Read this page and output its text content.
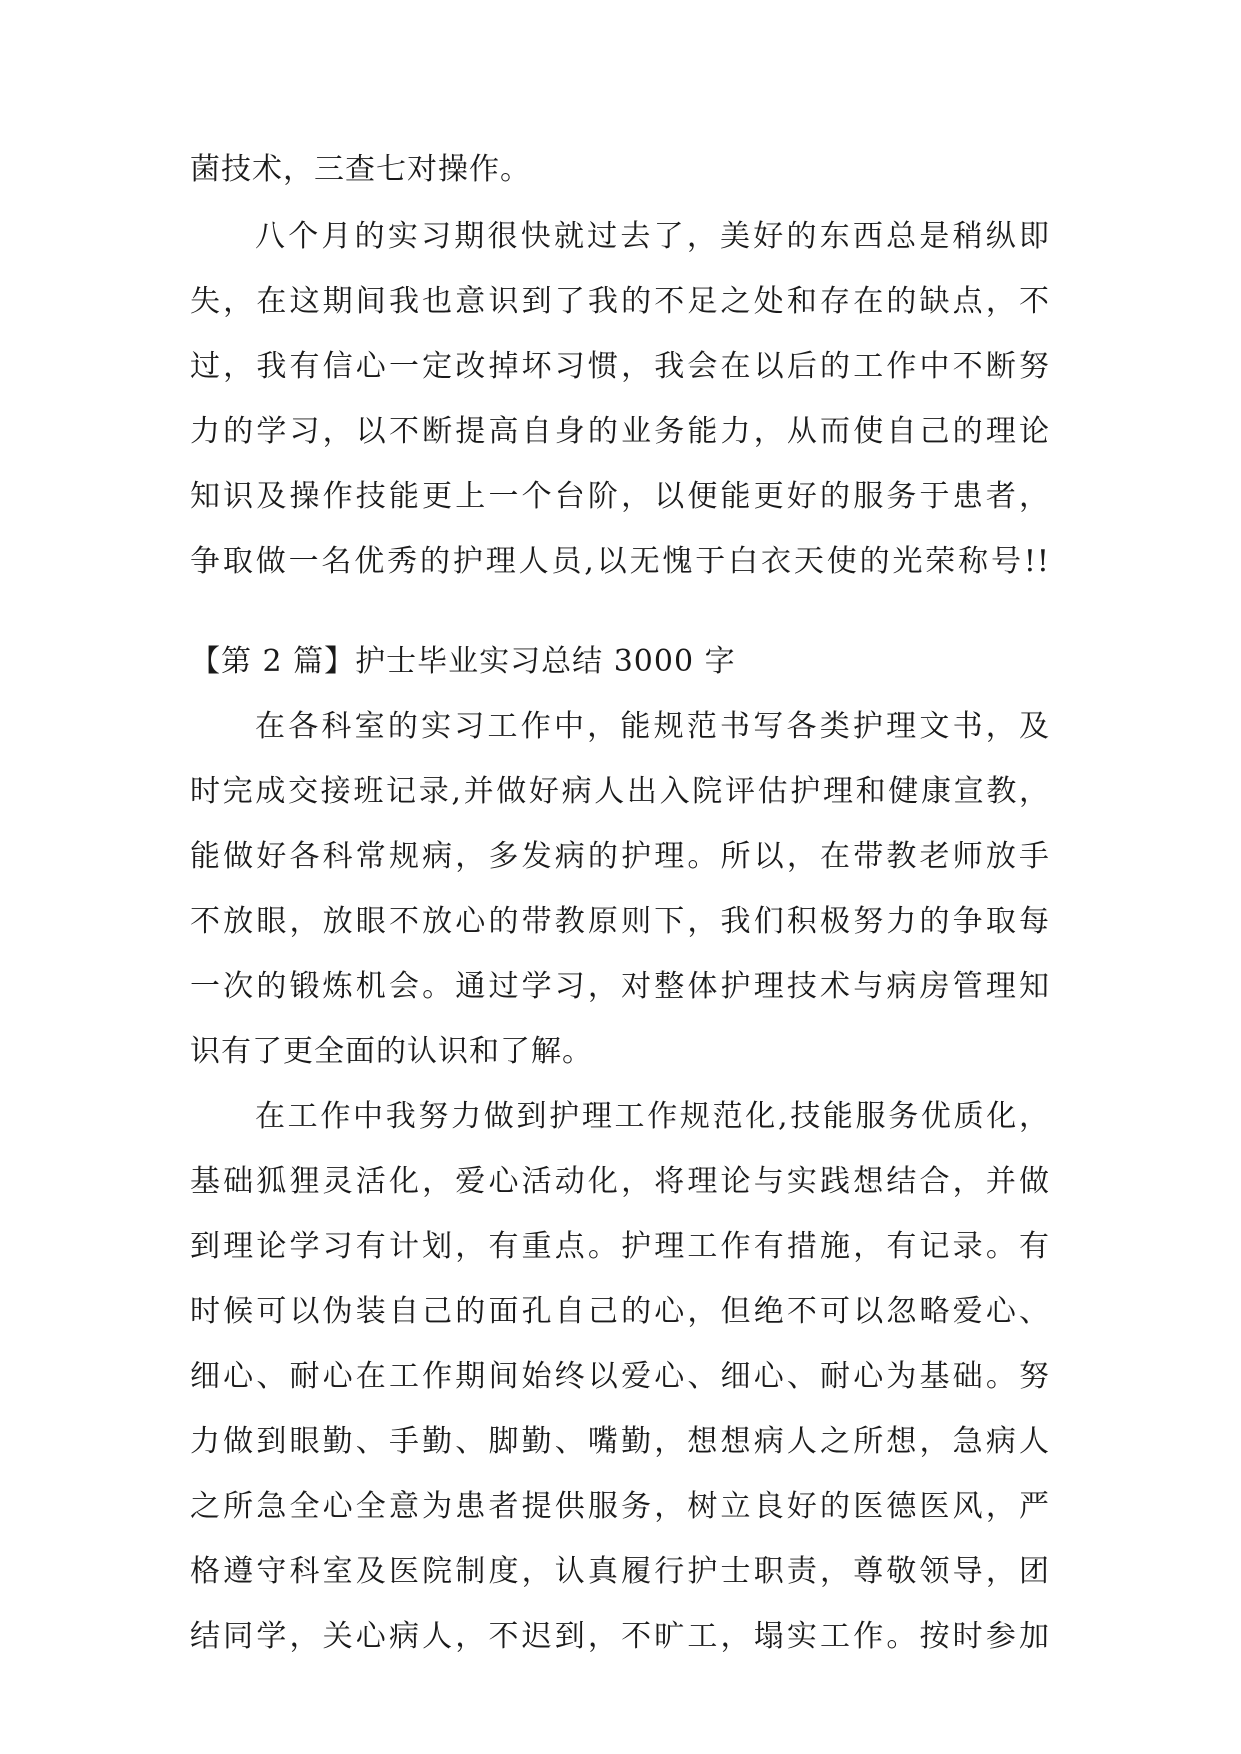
菌技术，三查七对操作。
八个月的实习期很快就过去了，美好的东西总是稍纵即
失，在这期间我也意识到了我的不足之处和存在的缺点，不
过，我有信心一定改掉坏习惯，我会在以后的工作中不断努
力的学习，以不断提高自身的业务能力，从而使自己的理论
知识及操作技能更上一个台阶，以便能更好的服务于患者，
争取做一名优秀的护理人员,以无愧于白衣天使的光荣称号!!
【第 2 篇】护士毕业实习总结 3000 字
在各科室的实习工作中，能规范书写各类护理文书，及
时完成交接班记录,并做好病人出入院评估护理和健康宣教，
能做好各科常规病，多发病的护理。所以，在带教老师放手
不放眼，放眼不放心的带教原则下，我们积极努力的争取每
一次的锻炼机会。通过学习，对整体护理技术与病房管理知
识有了更全面的认识和了解。
在工作中我努力做到护理工作规范化,技能服务优质化，
基础狐狸灵活化，爱心活动化，将理论与实践想结合，并做
到理论学习有计划，有重点。护理工作有措施，有记录。有
时候可以伪装自己的面孔自己的心，但绝不可以忽略爱心、
细心、耐心在工作期间始终以爱心、细心、耐心为基础。努
力做到眼勤、手勤、脚勤、嘴勤，想想病人之所想，急病人
之所急全心全意为患者提供服务，树立良好的医德医风，严
格遵守科室及医院制度，认真履行护士职责，尊敬领导，团
结同学，关心病人，不迟到，不旷工，塌实工作。按时参加
